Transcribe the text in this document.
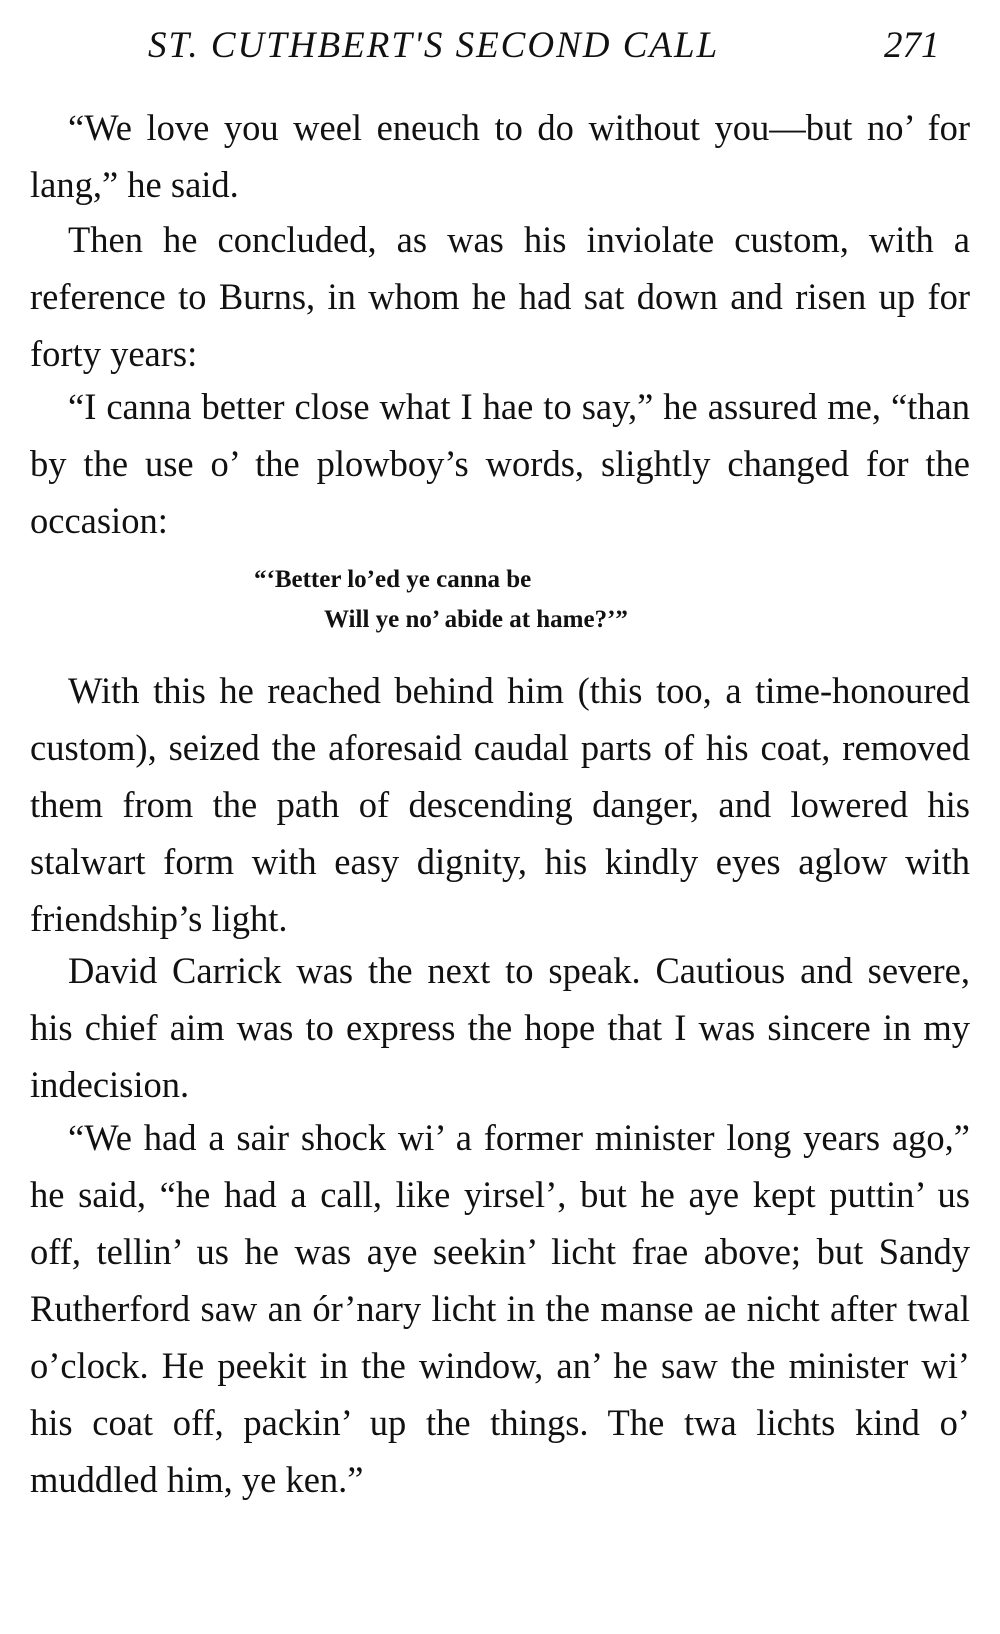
ST. CUTHBERT'S SECOND CALL	271

“We love you weel eneuch to do without you—but no’ for lang,” he said.

Then he concluded, as was his inviolate custom, with a reference to Burns, in whom he had sat down and risen up for forty years:

“I canna better close what I hae to say,” he assured me, “than by the use o’ the plowboy’s words, slightly changed for the occasion:

“‘Better lo’ed ye canna be
Will ye no’ abide at hame?’”

With this he reached behind him (this too, a time-honoured custom), seized the aforesaid caudal parts of his coat, removed them from the path of descending danger, and lowered his stalwart form with easy dignity, his kindly eyes aglow with friendship’s light.

David Carrick was the next to speak. Cautious and severe, his chief aim was to express the hope that I was sincere in my indecision.

“We had a sair shock wi’ a former minister long years ago,” he said, “he had a call, like yirsel’, but he aye kept puttin’ us off, tellin’ us he was aye seekin’ licht frae above; but Sandy Rutherford saw an ór’nary licht in the manse ae nicht after twal o’clock. He peekit in the window, an’ he saw the minister wi’ his coat off, packin’ up the things. The twa lichts kind o’ muddled him, ye ken.”
